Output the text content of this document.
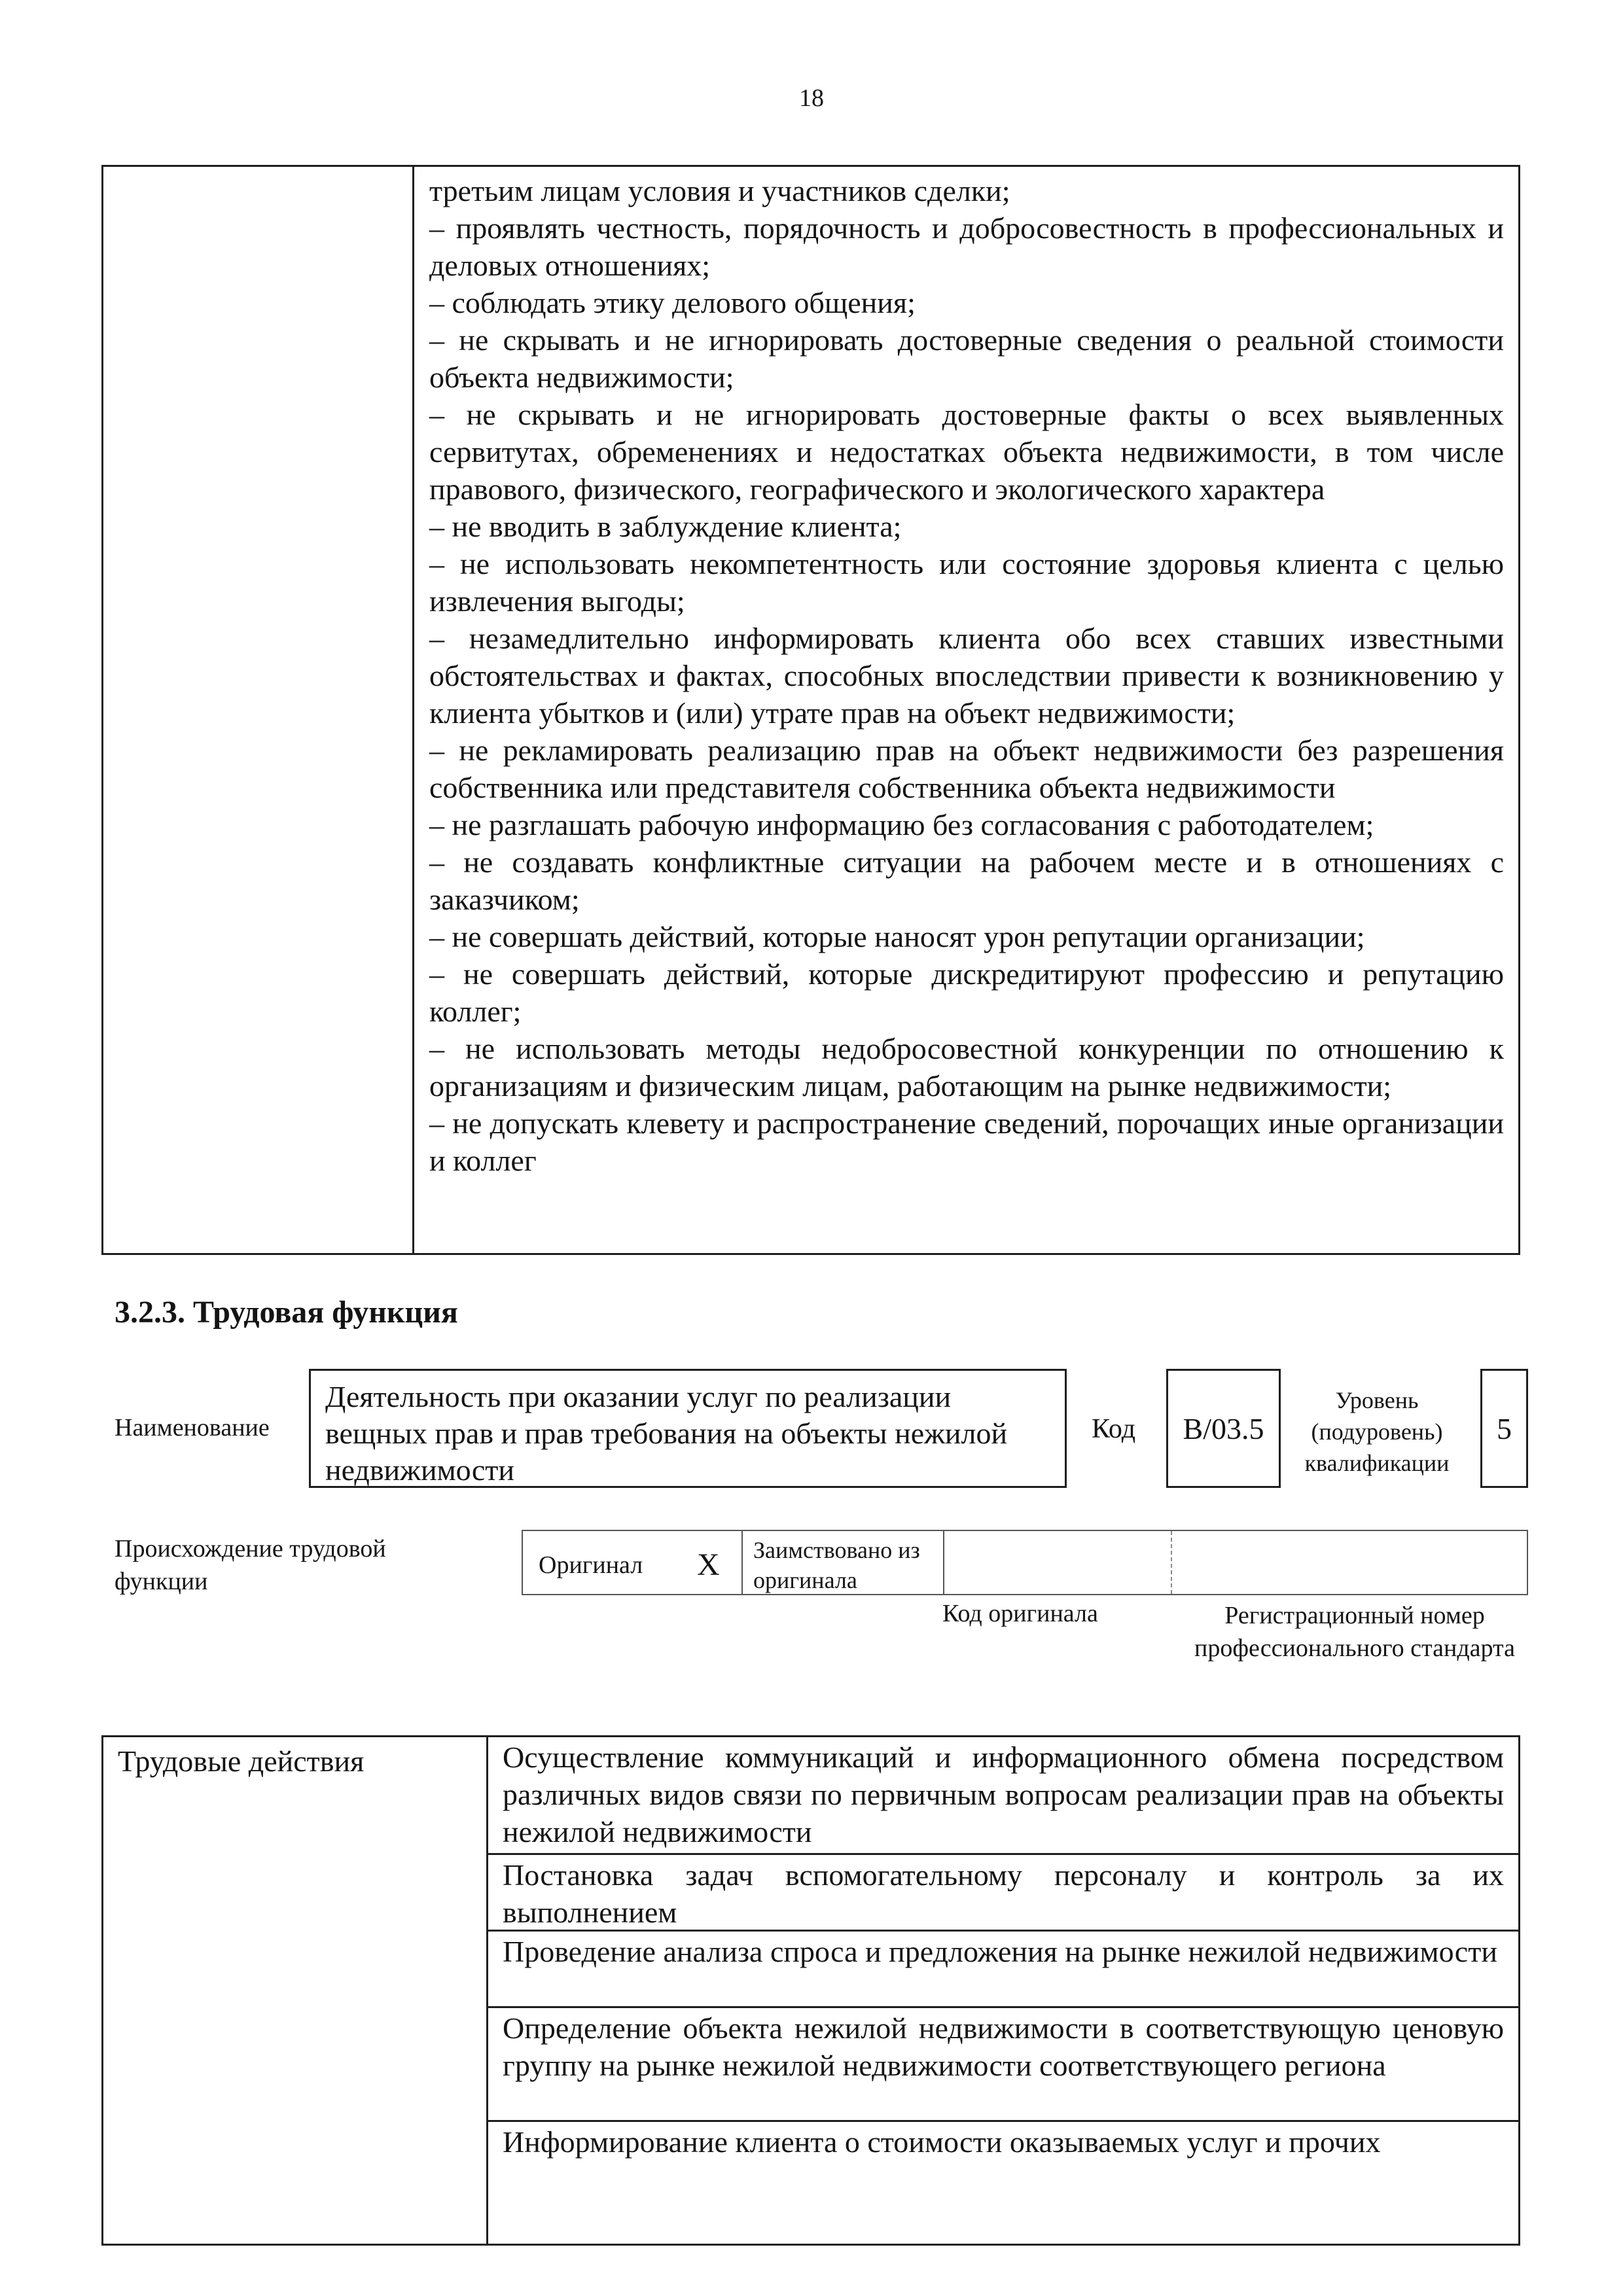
18
третьим лицам условия и участников сделки;
– проявлять честность, порядочность и добросовестность в профессиональных и деловых отношениях;
– соблюдать этику делового общения;
– не скрывать и не игнорировать достоверные сведения о реальной стоимости объекта недвижимости;
– не скрывать и не игнорировать достоверные факты о всех выявленных сервитутах, обременениях и недостатках объекта недвижимости, в том числе правового, физического, географического и экологического характера
– не вводить в заблуждение клиента;
– не использовать некомпетентность или состояние здоровья клиента с целью извлечения выгоды;
– незамедлительно информировать клиента обо всех ставших известными обстоятельствах и фактах, способных впоследствии привести к возникновению у клиента убытков и (или) утрате прав на объект недвижимости;
– не рекламировать реализацию прав на объект недвижимости без разрешения собственника или представителя собственника объекта недвижимости
– не разглашать рабочую информацию без согласования с работодателем;
– не создавать конфликтные ситуации на рабочем месте и в отношениях с заказчиком;
– не совершать действий, которые наносят урон репутации организации;
– не совершать действий, которые дискредитируют профессию и репутацию коллег;
– не использовать методы недобросовестной конкуренции по отношению к организациям и физическим лицам, работающим на рынке недвижимости;
– не допускать клевету и распространение сведений, порочащих иные организации и коллег
3.2.3. Трудовая функция
Наименование
Деятельность при оказании услуг по реализации вещных прав и прав требования на объекты нежилой недвижимости
Код	В/03.5
Уровень (подуровень) квалификации
5
Происхождение трудовой функции
Оригинал X Заимствовано из оригинала
Код оригинала	Регистрационный номер профессионального стандарта
Трудовые действия	Осуществление коммуникаций и информационного обмена посредством различных видов связи по первичным вопросам реализации прав на объекты нежилой недвижимости
Постановка задач вспомогательному персоналу и контроль за их выполнением
Проведение анализа спроса и предложения на рынке нежилой недвижимости
Определение объекта нежилой недвижимости в соответствующую ценовую группу на рынке нежилой недвижимости соответствующего региона
Информирование клиента о стоимости оказываемых услуг и прочих
